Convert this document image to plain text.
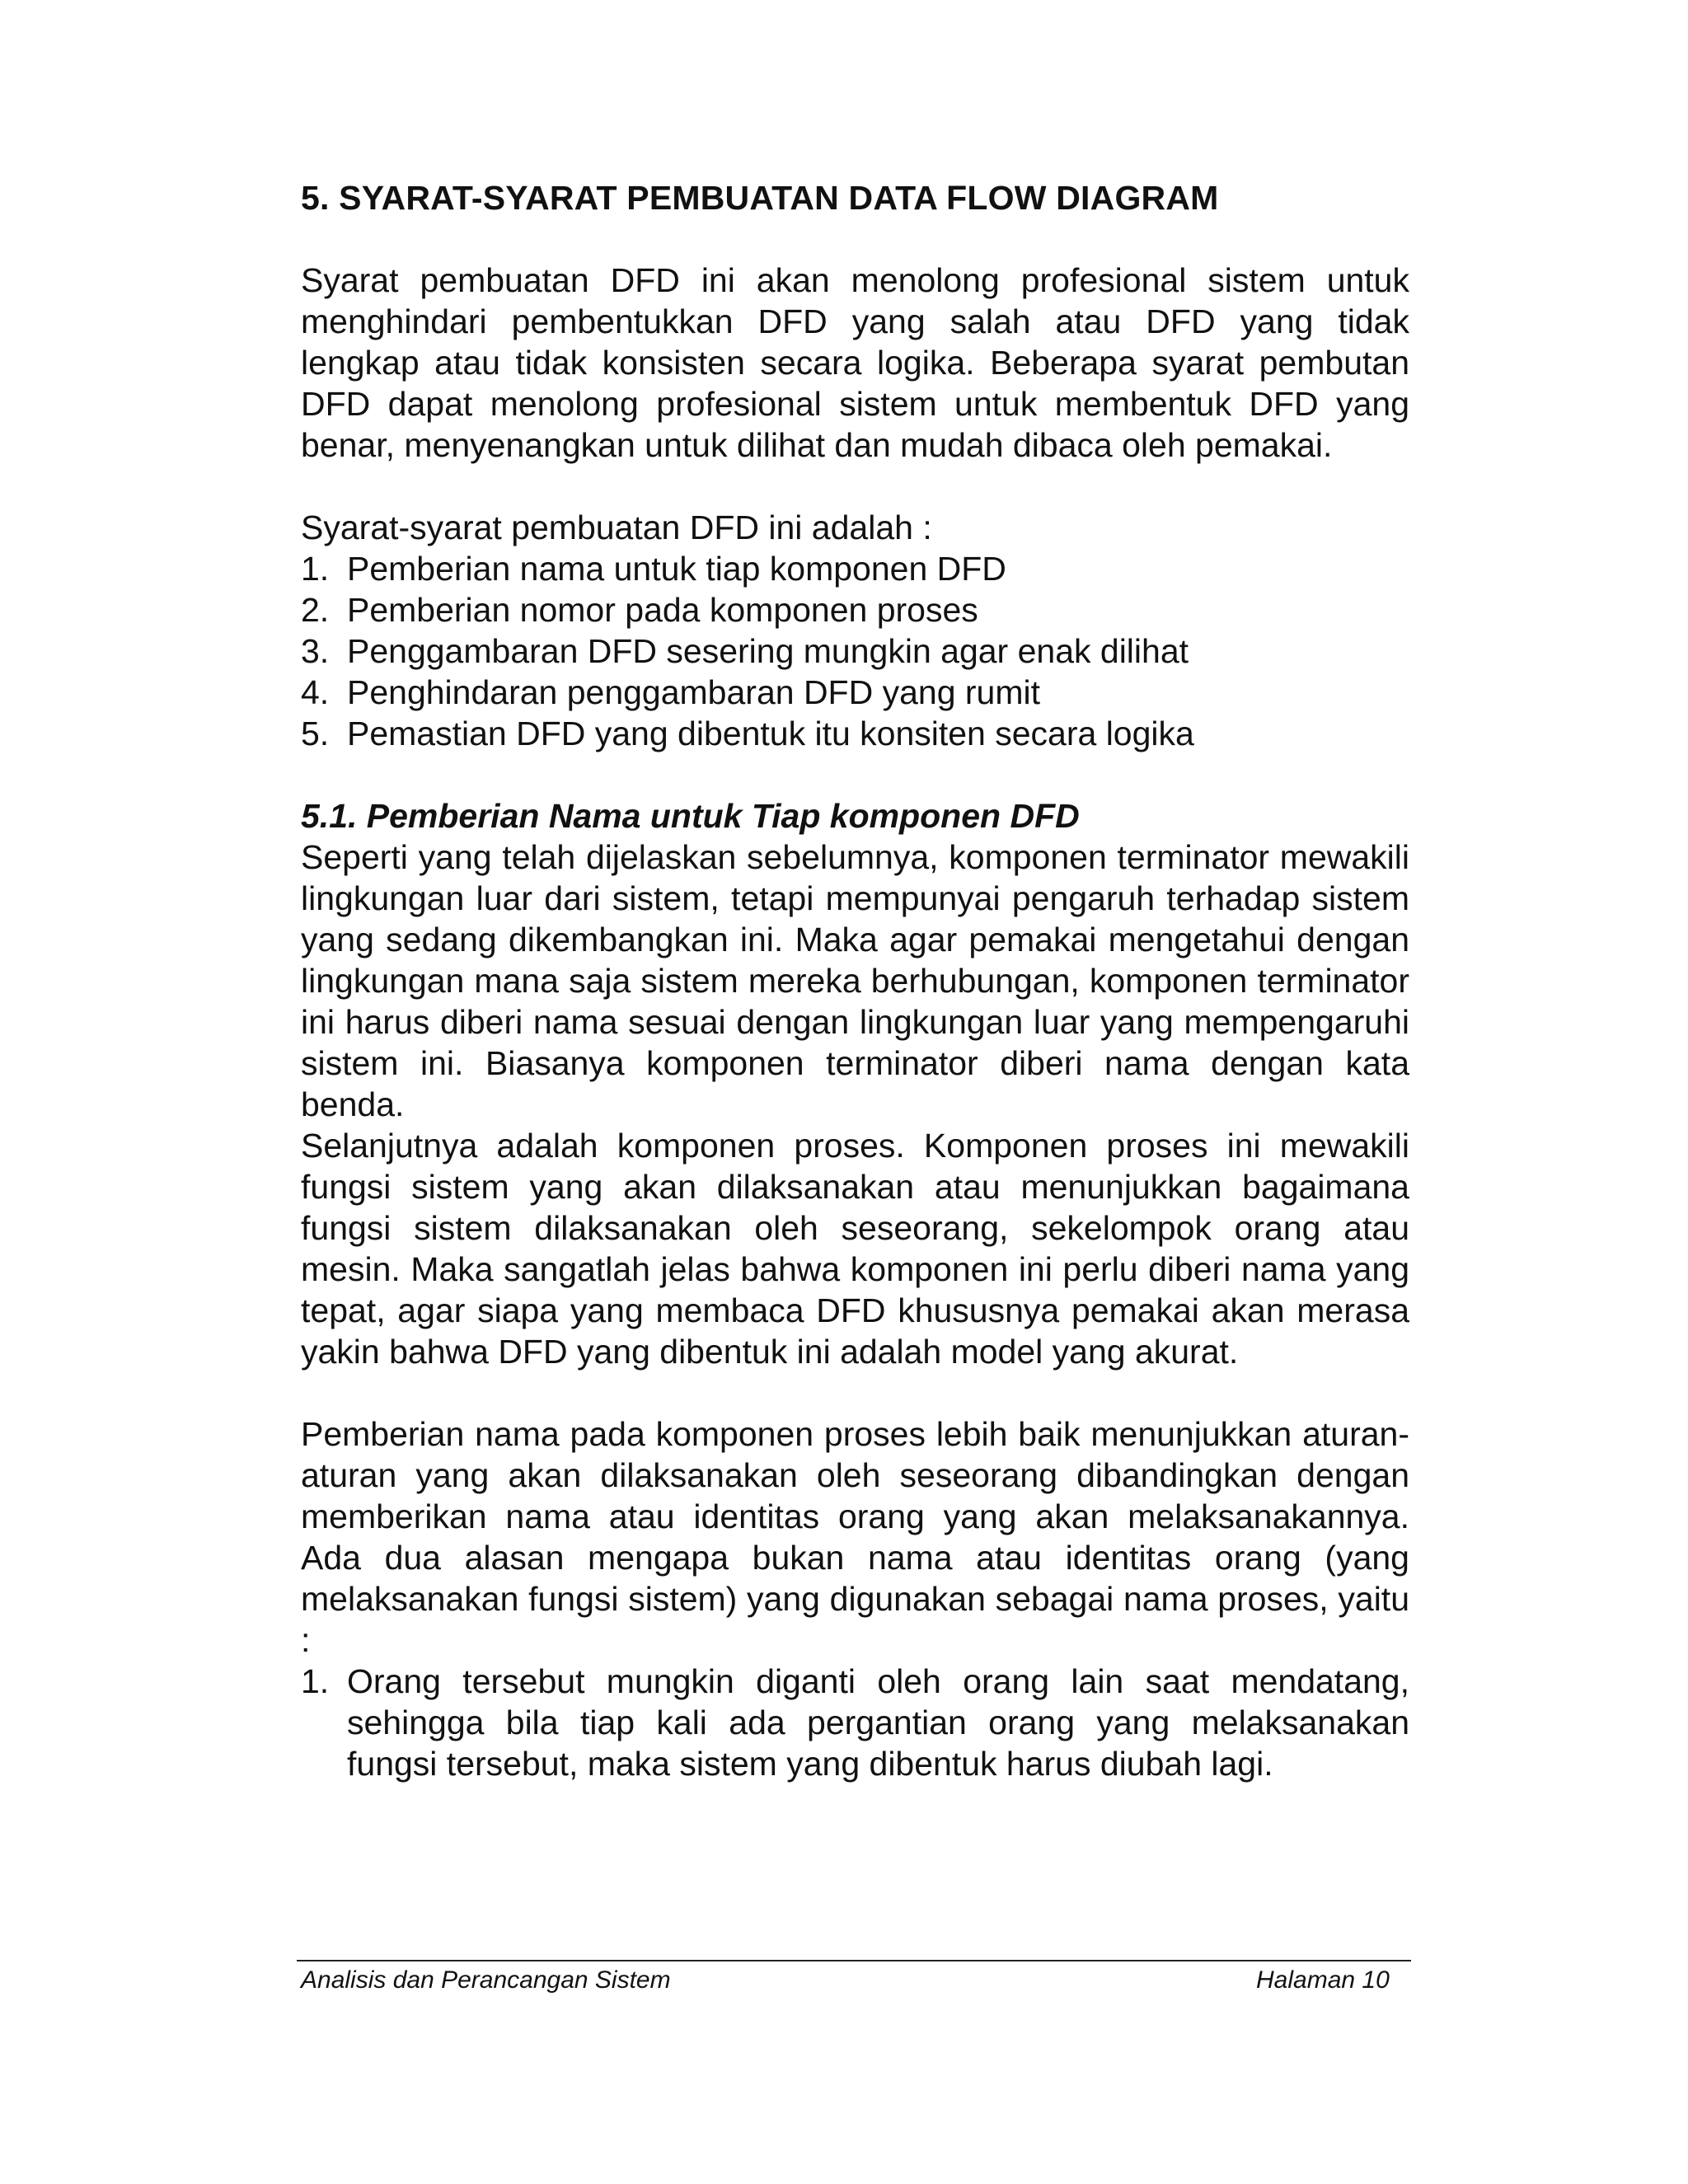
5. SYARAT-SYARAT PEMBUATAN DATA FLOW DIAGRAM

Syarat pembuatan DFD ini akan menolong profesional sistem untuk menghindari pembentukkan DFD yang salah atau DFD yang tidak lengkap atau tidak konsisten secara logika. Beberapa syarat pembutan DFD dapat menolong profesional sistem untuk membentuk DFD yang benar, menyenangkan untuk dilihat dan mudah dibaca oleh pemakai.

Syarat-syarat pembuatan DFD ini adalah :

1. Pemberian nama untuk tiap komponen DFD
2. Pemberian nomor pada komponen proses
3. Penggambaran DFD sesering mungkin agar enak dilihat
4. Penghindaran penggambaran DFD yang rumit
5. Pemastian DFD yang dibentuk itu konsiten secara logika
5.1. Pemberian Nama untuk Tiap komponen DFD

Seperti yang telah dijelaskan sebelumnya, komponen terminator mewakili lingkungan luar dari sistem, tetapi mempunyai pengaruh terhadap sistem yang sedang dikembangkan ini. Maka agar pemakai mengetahui dengan lingkungan mana saja sistem mereka berhubungan, komponen terminator ini harus diberi nama sesuai dengan lingkungan luar yang mempengaruhi sistem ini. Biasanya komponen terminator diberi nama dengan kata benda.

Selanjutnya adalah komponen proses. Komponen proses ini mewakili fungsi sistem yang akan dilaksanakan atau menunjukkan bagaimana fungsi sistem dilaksanakan oleh seseorang, sekelompok orang atau mesin. Maka sangatlah jelas bahwa komponen ini perlu diberi nama yang tepat, agar siapa yang membaca DFD khususnya pemakai akan merasa yakin bahwa DFD yang dibentuk ini adalah model yang akurat.

Pemberian nama pada komponen proses lebih baik menunjukkan aturan-aturan yang akan dilaksanakan oleh seseorang dibandingkan dengan memberikan nama atau identitas orang yang akan melaksanakannya. Ada dua alasan mengapa bukan nama atau identitas orang (yang melaksanakan fungsi sistem) yang digunakan sebagai nama proses, yaitu :

1. Orang tersebut mungkin diganti oleh orang lain saat mendatang, sehingga bila tiap kali ada pergantian orang yang melaksanakan fungsi tersebut, maka sistem yang dibentuk harus diubah lagi.
Analisis dan Perancangan Sistem	Halaman 10
